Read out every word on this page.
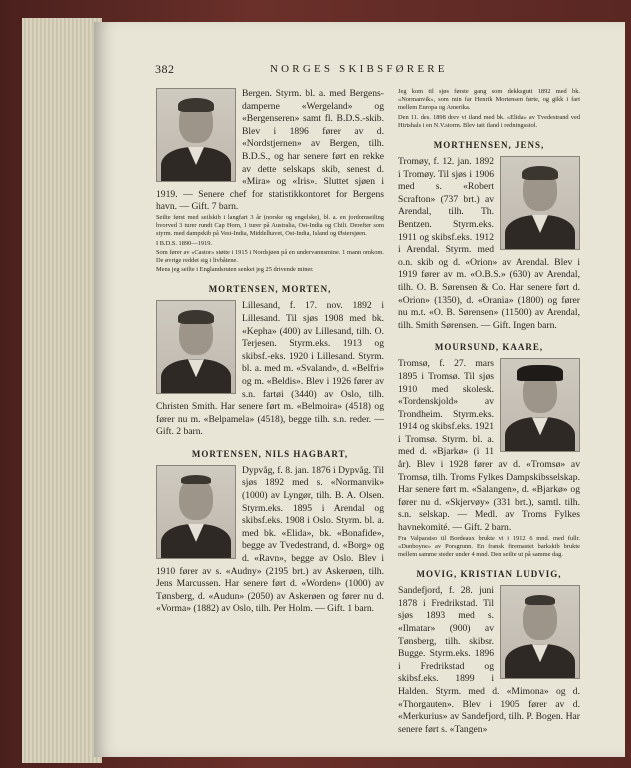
382	NORGES SKIBSFØRERE

Bergen. Styrm. bl. a. med Bergens-damperne «Wergeland» og «Bergenseren» samt fl. B.D.S.-skib. Blev i 1896 fører av d. «Nordstjernen» av Bergen, tilh. B.D.S., og har senere ført en rekke av dette selskaps skib, senest d. «Mira» og «Iris». Sluttet sjøen i 1919. — Senere chef for statistikkontoret for Bergens havn. — Gift. 7 barn.

Seilte først med seilskib i langfart 3 år (norske og engelske), bl. a. en jordomseiling hvorved 3 turer rundt Cap Horn, 1 turer på Australia, Ost-India og Chili. Derefter som styrm. med dampskib på Vest-India, Middelhavet, Ost-India, Island og Østersjøen.

I B.D.S. 1890—1919.

Som fører av «Castor» støtte i 1915 i Nordsjøen på en undervannsmine. 1 mann omkom. De øvrige reddet sig i livbåtene.

Mens jeg seilte i Englandsruten senket jeg 25 drivende miner.

MORTENSEN, MORTEN,

Lillesand, f. 17. nov. 1892 i Lillesand. Til sjøs 1908 med bk. «Kepha» (400) av Lillesand, tilh. O. Terjesen. Styrm.eks. 1913 og skibsf.-eks. 1920 i Lillesand. Styrm. bl. a. med m. «Svaland», d. «Belfri» og m. «Beldis». Blev i 1926 fører av s.n. fartøi (3440) av Oslo, tilh. Christen Smith. Har senere ført m. «Belmoira» (4518) og fører nu m. «Belpamela» (4518), begge tilh. s.n. reder. — Gift. 2 barn.

MORTENSEN, NILS HAGBART,

Dypvåg, f. 8. jan. 1876 i Dypvåg. Til sjøs 1892 med s. «Normanvik» (1000) av Lyngør, tilh. B. A. Olsen. Styrm.eks. 1895 i Arendal og skibsf.eks. 1908 i Oslo. Styrm. bl. a. med bk. «Elida», bk. «Bonafide», begge av Tvedestrand, d. «Borg» og d. «Ravn», begge av Oslo. Blev i 1910 fører av s. «Audny» (2195 brt.) av Askerøen, tilh. Jens Marcussen. Har senere ført d. «Worden» (1000) av Tønsberg, d. «Audun» (2050) av Askerøen og fører nu d. «Vorma» (1882) av Oslo, tilh. Per Holm. — Gift. 1 barn.

Jeg kom til sjøs første gang som dekksgutt 1892 med bk. «Normanvik», som min far Henrik Mortensen førte, og gikk i fart mellem Europa og Amerika.

Den 11. des. 1898 drev vi iland med bk. «Elida» av Tvedestrand ved Hirtshals i en N.V.storm. Blev tatt iland i redningsstol.

MORTHENSEN, JENS,

Tromøy, f. 12. jan. 1892 i Tromøy. Til sjøs i 1906 med s. «Robert Scrafton» (737 brt.) av Arendal, tilh. Th. Bentzen. Styrm.eks. 1911 og skibsf.eks. 1912 i Arendal. Styrm. med o.n. skib og d. «Orion» av Arendal. Blev i 1919 fører av m. «O.B.S.» (630) av Arendal, tilh. O. B. Sørensen & Co. Har senere ført d. «Orion» (1350), d. «Orania» (1800) og fører nu m.t. «O. B. Sørensen» (11500) av Arendal, tilh. Smith Sørensen. — Gift. Ingen barn.

MOURSUND, KAARE,

Tromsø, f. 27. mars 1895 i Tromsø. Til sjøs 1910 med skolesk. «Tordenskjold» av Trondheim. Styrm.eks. 1914 og skibsf.eks. 1921 i Tromsø. Styrm. bl. a. med d. «Bjarkø» (i 11 år). Blev i 1928 fører av d. «Tromsø» av Tromsø, tilh. Troms Fylkes Dampskibsselskap. Har senere ført m. «Salangen», d. «Bjarkø» og fører nu d. «Skjervøy» (331 brt.), samtl. tilh. s.n. selskap. — Medl. av Troms Fylkes havnekomité. — Gift. 2 barn.

Fra Valparaiso til Bordeaux brukte vi i 1912 6 mnd. med fullr. «Dunboyne» av Porsgrunn. En fransk firemastet barkskib brukte mellem samme steder under 4 mnd. Den seilte ut på samme dag.

MOVIG, KRISTIAN LUDVIG,

Sandefjord, f. 28. juni 1878 i Fredrikstad. Til sjøs 1893 med s. «Ilmatar» (900) av Tønsberg, tilh. skibsr. Bugge. Styrm.eks. 1896 i Fredrikstad og skibsf.eks. 1899 i Halden. Styrm. med d. «Mimona» og d. «Thorgauten». Blev i 1905 fører av d. «Merkurius» av Sandefjord, tilh. P. Bogen. Har senere ført s. «Tangen»
